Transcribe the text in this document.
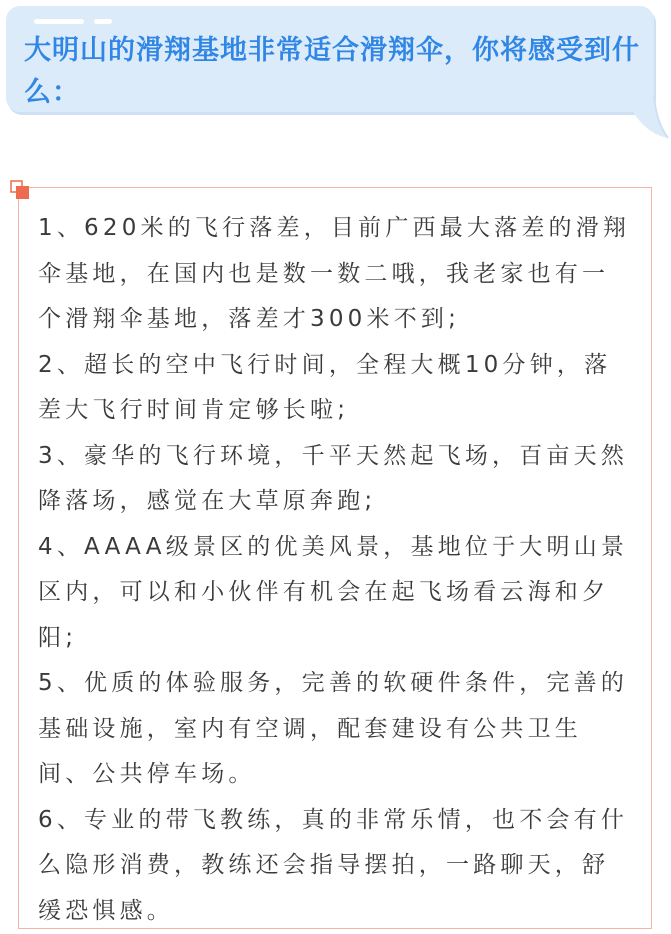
大明山的滑翔基地非常适合滑翔伞，你将感受到什么：

1、620米的飞行落差，目前广西最大落差的滑翔伞基地，在国内也是数一数二哦，我老家也有一个滑翔伞基地，落差才300米不到;
2、超长的空中飞行时间，全程大概10分钟，落差大飞行时间肯定够长啦;
3、豪华的飞行环境，千平天然起飞场，百亩天然降落场，感觉在大草原奔跑;
4、AAAA级景区的优美风景，基地位于大明山景区内，可以和小伙伴有机会在起飞场看云海和夕阳;
5、优质的体验服务，完善的软硬件条件，完善的基础设施，室内有空调，配套建设有公共卫生间、公共停车场。
6、专业的带飞教练，真的非常乐情，也不会有什么隐形消费，教练还会指导摆拍，一路聊天，舒缓恐惧感。
